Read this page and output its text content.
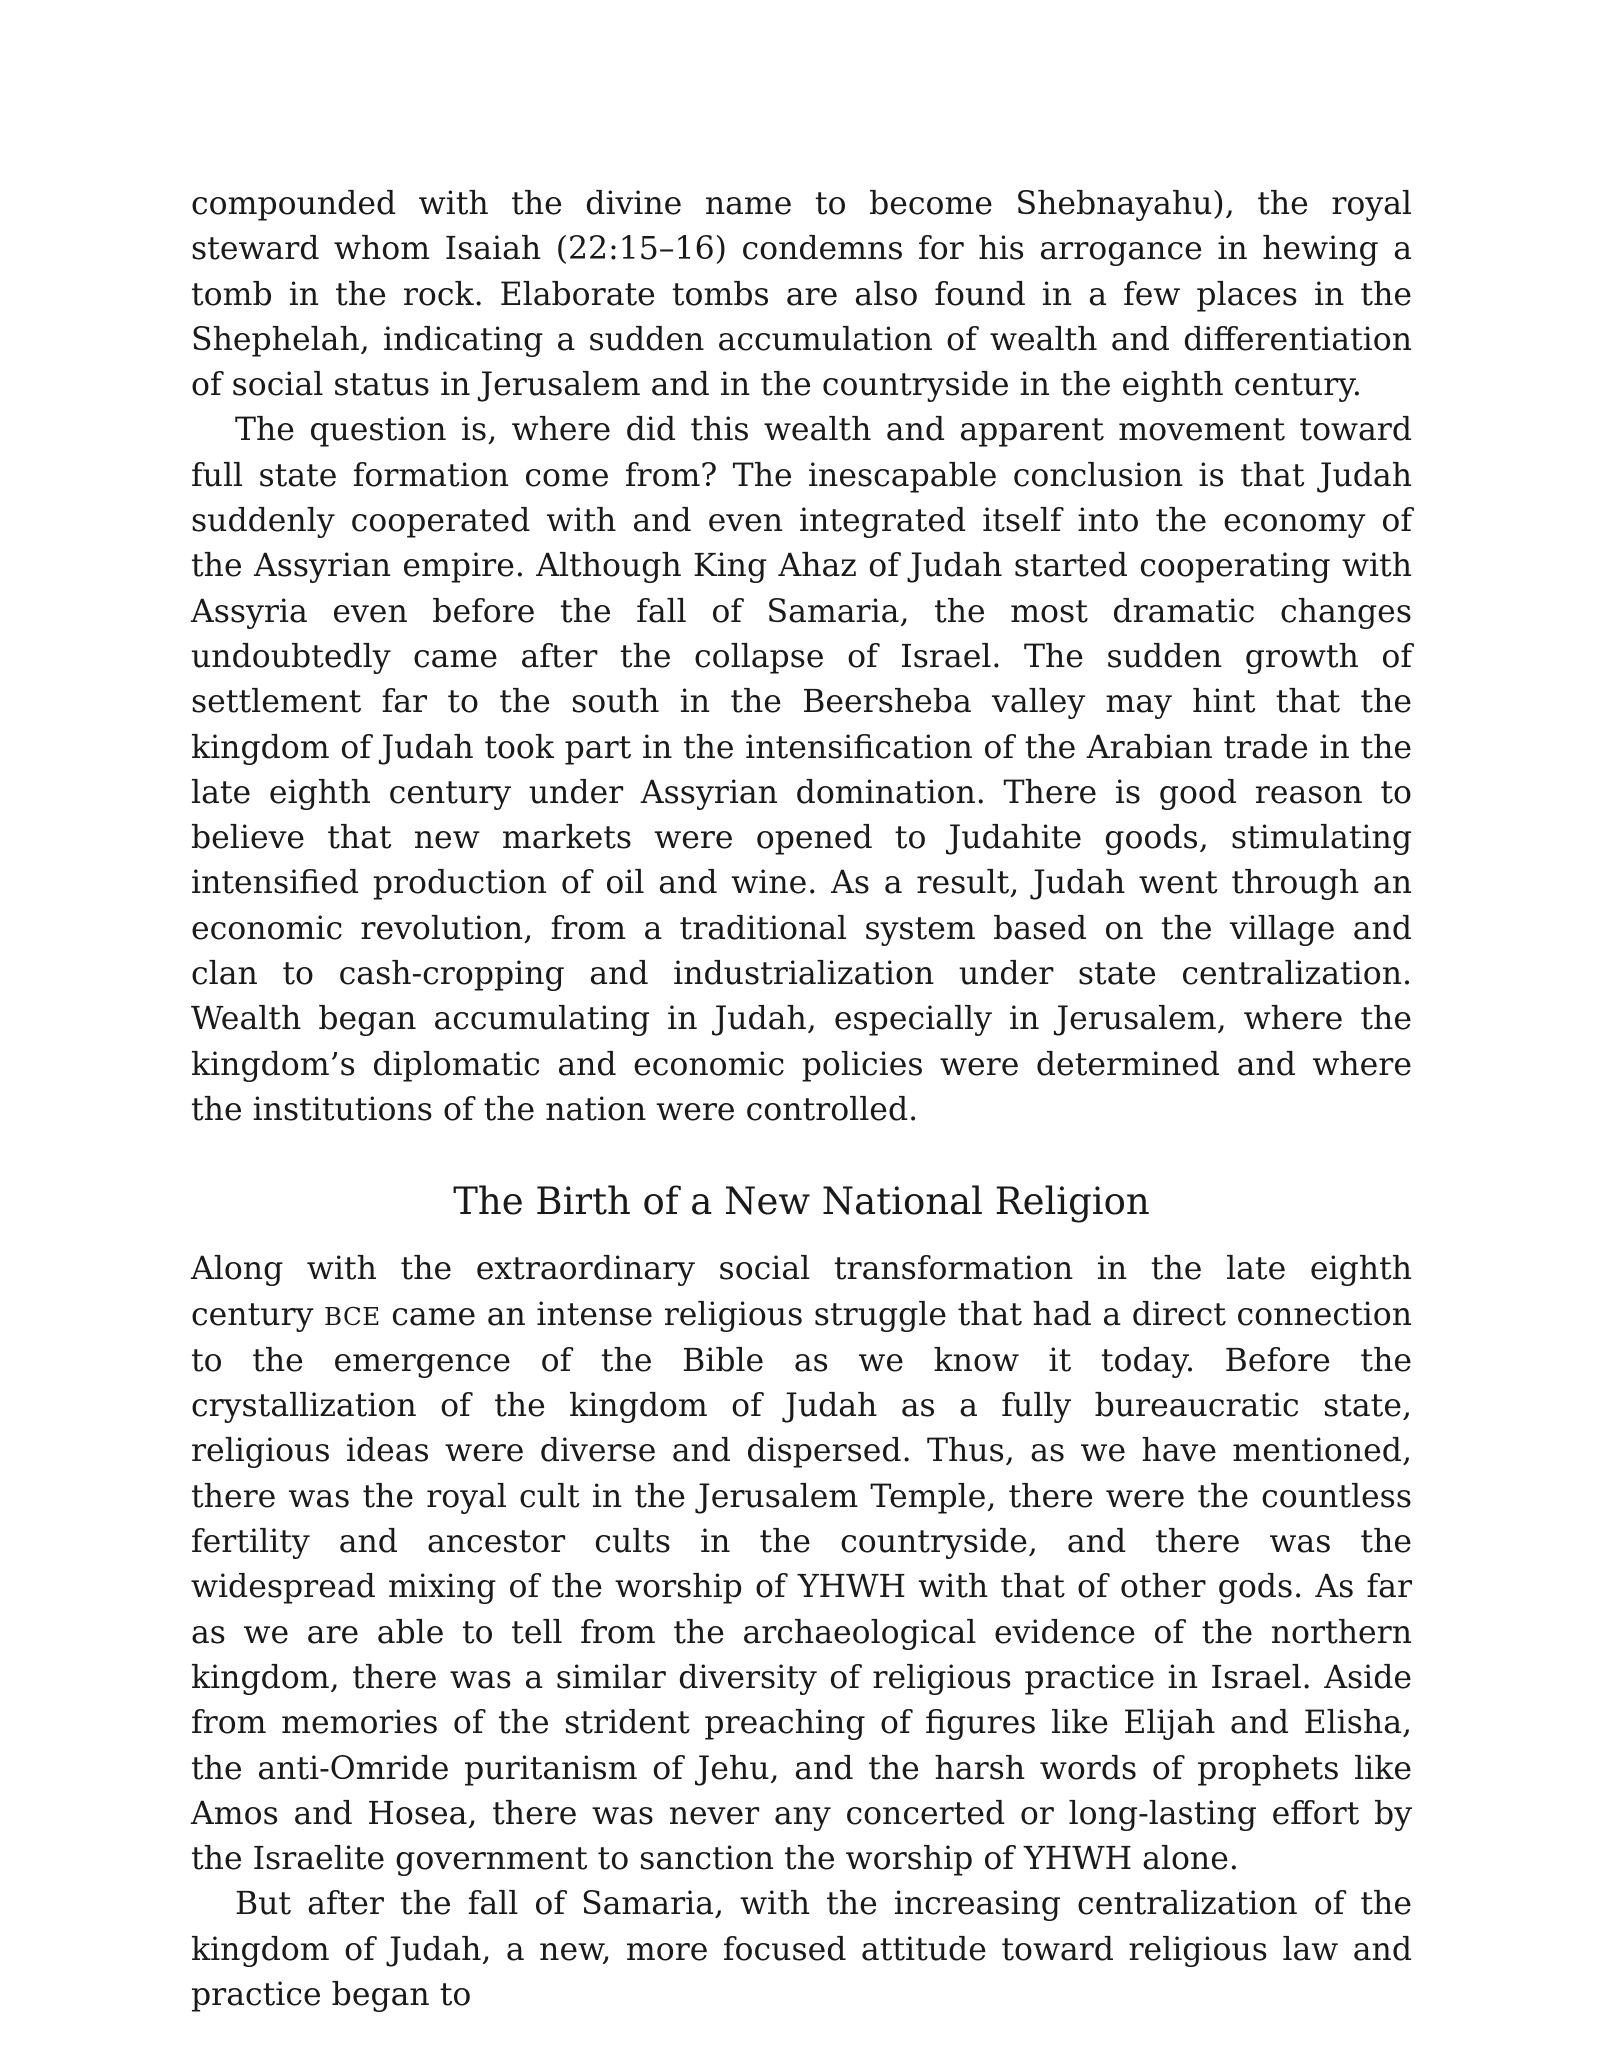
compounded with the divine name to become Shebnayahu), the royal steward whom Isaiah (22:15–16) condemns for his arrogance in hewing a tomb in the rock. Elaborate tombs are also found in a few places in the Shephelah, indicating a sudden accumulation of wealth and differentiation of social status in Jerusalem and in the countryside in the eighth century.

The question is, where did this wealth and apparent movement toward full state formation come from? The inescapable conclusion is that Judah suddenly cooperated with and even integrated itself into the economy of the Assyrian empire. Although King Ahaz of Judah started cooperating with Assyria even before the fall of Samaria, the most dramatic changes undoubtedly came after the collapse of Israel. The sudden growth of settlement far to the south in the Beersheba valley may hint that the kingdom of Judah took part in the intensification of the Arabian trade in the late eighth century under Assyrian domination. There is good reason to believe that new markets were opened to Judahite goods, stimulating intensified production of oil and wine. As a result, Judah went through an economic revolution, from a traditional system based on the village and clan to cash-cropping and industrialization under state centralization. Wealth began accumulating in Judah, especially in Jerusalem, where the kingdom’s diplomatic and economic policies were determined and where the institutions of the nation were controlled.

The Birth of a New National Religion

Along with the extraordinary social transformation in the late eighth century BCE came an intense religious struggle that had a direct connection to the emergence of the Bible as we know it today. Before the crystallization of the kingdom of Judah as a fully bureaucratic state, religious ideas were diverse and dispersed. Thus, as we have mentioned, there was the royal cult in the Jerusalem Temple, there were the countless fertility and ancestor cults in the countryside, and there was the widespread mixing of the worship of YHWH with that of other gods. As far as we are able to tell from the archaeological evidence of the northern kingdom, there was a similar diversity of religious practice in Israel. Aside from memories of the strident preaching of figures like Elijah and Elisha, the anti-Omride puritanism of Jehu, and the harsh words of prophets like Amos and Hosea, there was never any concerted or long-lasting effort by the Israelite government to sanction the worship of YHWH alone.

But after the fall of Samaria, with the increasing centralization of the kingdom of Judah, a new, more focused attitude toward religious law and practice began to
